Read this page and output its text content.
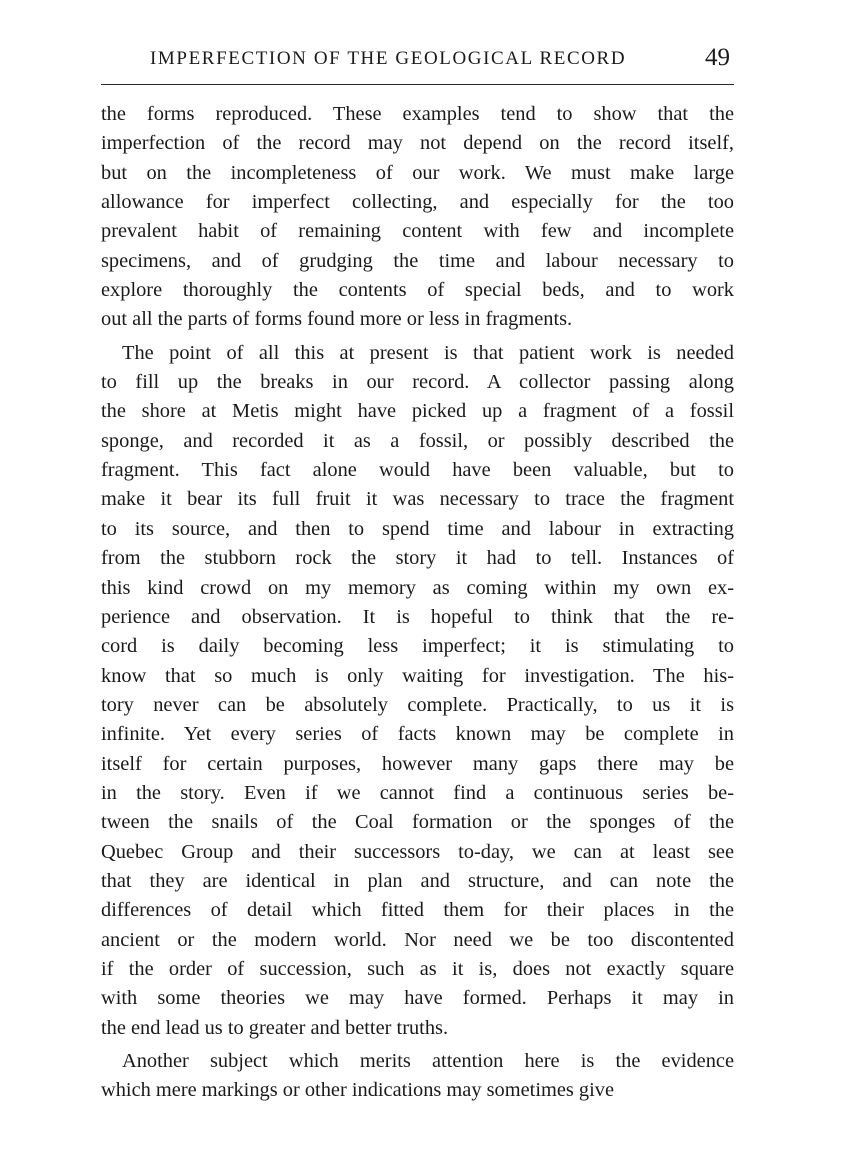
IMPERFECTION OF THE GEOLOGICAL RECORD	49
the forms reproduced. These examples tend to show that the
imperfection of the record may not depend on the record itself,
but on the incompleteness of our work. We must make large
allowance for imperfect collecting, and especially for the too
prevalent habit of remaining content with few and incomplete
specimens, and of grudging the time and labour necessary to
explore thoroughly the contents of special beds, and to work
out all the parts of forms found more or less in fragments.
The point of all this at present is that patient work is needed
to fill up the breaks in our record. A collector passing along
the shore at Metis might have picked up a fragment of a fossil
sponge, and recorded it as a fossil, or possibly described the
fragment. This fact alone would have been valuable, but to
make it bear its full fruit it was necessary to trace the fragment
to its source, and then to spend time and labour in extracting
from the stubborn rock the story it had to tell. Instances of
this kind crowd on my memory as coming within my own ex-
perience and observation. It is hopeful to think that the re-
cord is daily becoming less imperfect; it is stimulating to
know that so much is only waiting for investigation. The his-
tory never can be absolutely complete. Practically, to us it is
infinite. Yet every series of facts known may be complete in
itself for certain purposes, however many gaps there may be
in the story. Even if we cannot find a continuous series be-
tween the snails of the Coal formation or the sponges of the
Quebec Group and their successors to-day, we can at least see
that they are identical in plan and structure, and can note the
differences of detail which fitted them for their places in the
ancient or the modern world. Nor need we be too discontented
if the order of succession, such as it is, does not exactly square
with some theories we may have formed. Perhaps it may in
the end lead us to greater and better truths.
Another subject which merits attention here is the evidence
which mere markings or other indications may sometimes give
